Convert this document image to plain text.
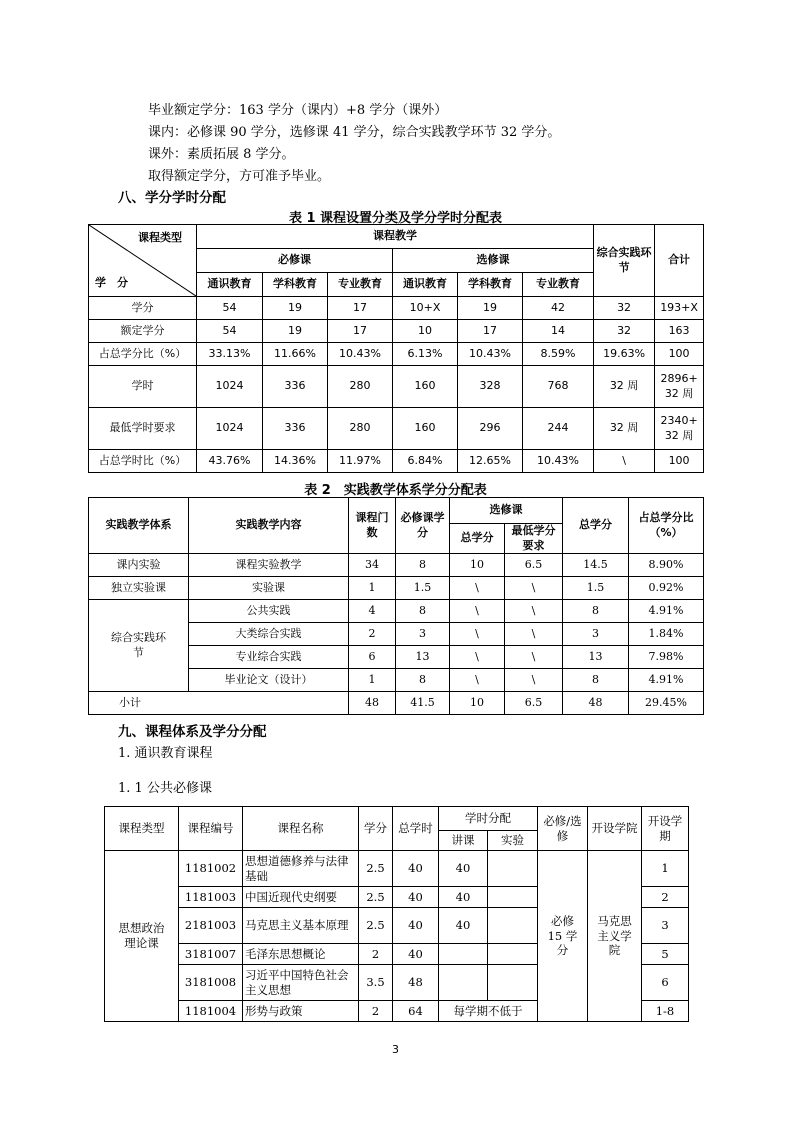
毕业额定学分：163 学分（课内）+8 学分（课外）
课内：必修课 90 学分，选修课 41 学分，综合实践教学环节 32 学分。
课外：素质拓展 8 学分。
取得额定学分，方可准予毕业。
八、学分学时分配
表 1 课程设置分类及学分学时分配表
课程类型
学　分	课程教学						综合实践环节	合计
	必修课			选修课				
	通识教育	学科教育	专业教育	通识教育	学科教育	专业教育		
学分	54	19	17	10+X	19	42	32	193+X
额定学分	54	19	17	10	17	14	32	163
占总学分比（%）	33.13%	11.66%	10.43%	6.13%	10.43%	8.59%	19.63%	100
学时	1024	336	280	160	328	768	32 周	2896+
32 周

最低学时要求	1024	336	280	160	296	244	32 周	2340+
32 周

占总学时比（%）	43.76%	14.36%	11.97%	6.84%	12.65%	10.43%	\	100
表 2　实践教学体系学分分配表
实践教学体系	实践教学内容	课程门数	必修课学分	选修课		总学分	占总学分比（%）
				总学分	最低学分要求		
课内实验	课程实验教学	34	8	10	6.5	14.5	8.90%
独立实验课	实验课	1	1.5	\	\	1.5	0.92%
综合实践环节	公共实践	4	8	\	\	8	4.91%
	大类综合实践	2	3	\	\	3	1.84%
	专业综合实践	6	13	\	\	13	7.98%
	毕业论文（设计）	1	8	\	\	8	4.91%
小计		48	41.5	10	6.5	48	29.45%
九、课程体系及学分分配
1. 通识教育课程
1. 1 公共必修课
课程类型	课程编号	课程名称	学分	总学时	学时分配		必修/选修	开设学院	开设学期
					讲课	实验			
思想政治理论课	1181002	思想道德修养与法律基础	2.5	40	40		必修15 学分	马克思主义学院	1
	1181003	中国近现代史纲要	2.5	40	40				2
	2181003	马克思主义基本原理	2.5	40	40				3
	3181007	毛泽东思想概论	2	40					5
	3181008	习近平中国特色社会主义思想	3.5	48					6
	1181004	形势与政策	2	64	每学期不低于				1-8
3
